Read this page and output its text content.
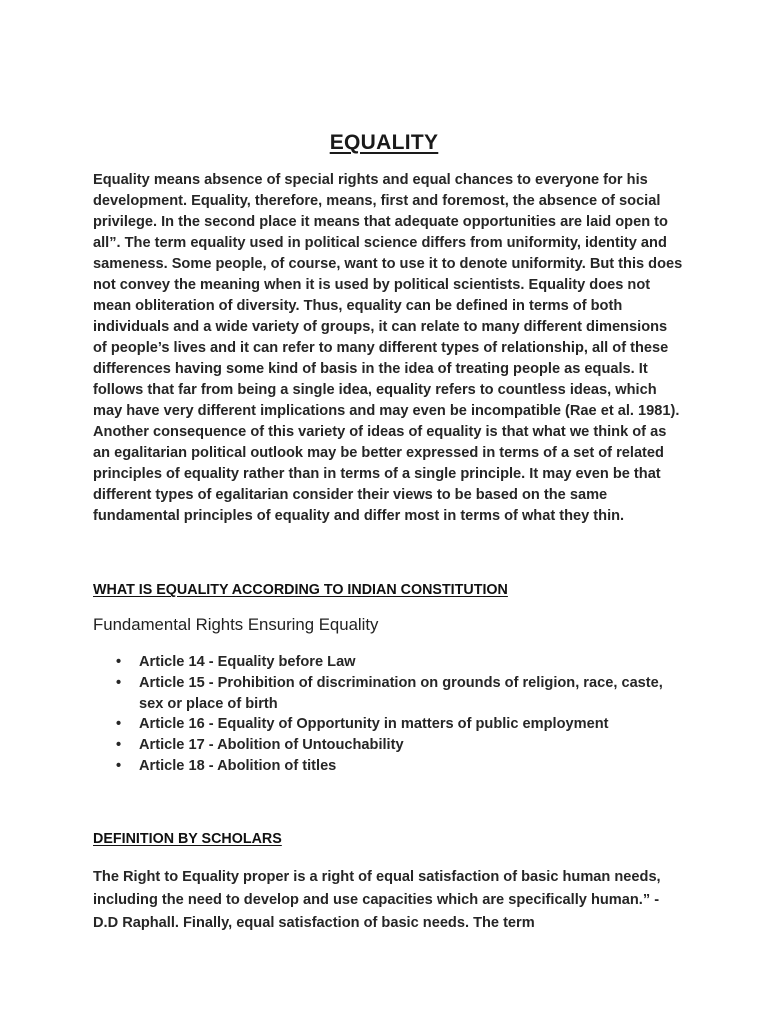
EQUALITY

Equality means absence of special rights and equal chances to everyone for his development. Equality, therefore, means, first and foremost, the absence of social privilege. In the second place it means that adequate opportunities are laid open to all”. The term equality used in political science differs from uniformity, identity and sameness. Some people, of course, want to use it to denote uniformity. But this does not convey the meaning when it is used by political scientists. Equality does not mean obliteration of diversity. Thus, equality can be defined in terms of both individuals and a wide variety of groups, it can relate to many different dimensions of people’s lives and it can refer to many different types of relationship, all of these differences having some kind of basis in the idea of treating people as equals. It follows that far from being a single idea, equality refers to countless ideas, which may have very different implications and may even be incompatible (Rae et al. 1981). Another consequence of this variety of ideas of equality is that what we think of as an egalitarian political outlook may be better expressed in terms of a set of related principles of equality rather than in terms of a single principle. It may even be that different types of egalitarian consider their views to be based on the same fundamental principles of equality and differ most in terms of what they thin.

WHAT IS EQUALITY ACCORDING TO INDIAN CONSTITUTION
Fundamental Rights Ensuring Equality
• Article 14 - Equality before Law
• Article 15 - Prohibition of discrimination on grounds of religion, race, caste, sex or place of birth
• Article 16 - Equality of Opportunity in matters of public employment
• Article 17 - Abolition of Untouchability
• Article 18 - Abolition of titles
DEFINITION BY SCHOLARS

The Right to Equality proper is a right of equal satisfaction of basic human needs, including the need to develop and use capacities which are specifically human.” -D.D Raphall. Finally, equal satisfaction of basic needs. The term
